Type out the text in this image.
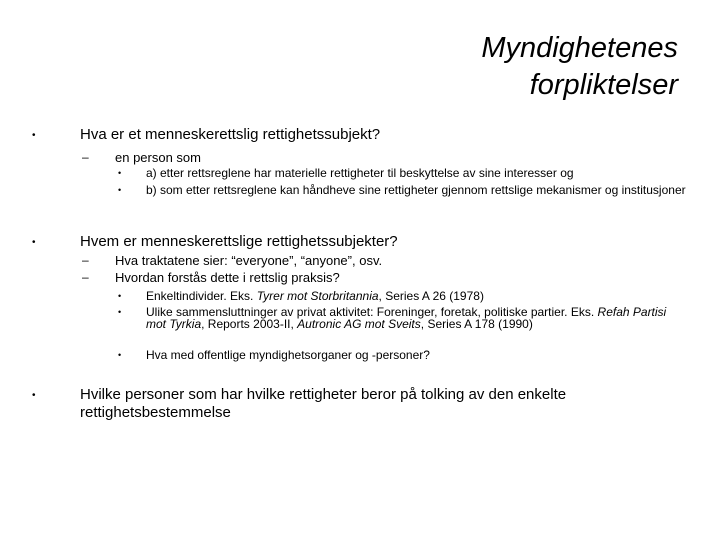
Myndighetenes
forpliktelser
•	Hva er et menneskerettslig rettighetssubjekt?
– en person som
• a) etter rettsreglene har materielle rettigheter til beskyttelse av sine interesser og
• b) som etter rettsreglene kan håndheve sine rettigheter gjennom rettslige mekanismer og institusjoner
•	Hvem er menneskerettslige rettighetssubjekter?
– Hva traktatene sier: “everyone”, “anyone”, osv.
– Hvordan forstås dette i rettslig praksis?
• Enkeltindivider. Eks. Tyrer mot Storbritannia, Series A 26 (1978)
• Ulike sammensluttninger av privat aktivitet: Foreninger, foretak, politiske partier. Eks. Refah Partisi mot Tyrkia, Reports 2003-II, Autronic AG mot Sveits, Series A 178 (1990)
• Hva med offentlige myndighetsorganer og -personer?
•	Hvilke personer som har hvilke rettigheter beror på tolking av den enkelte rettighetsbestemmelse
